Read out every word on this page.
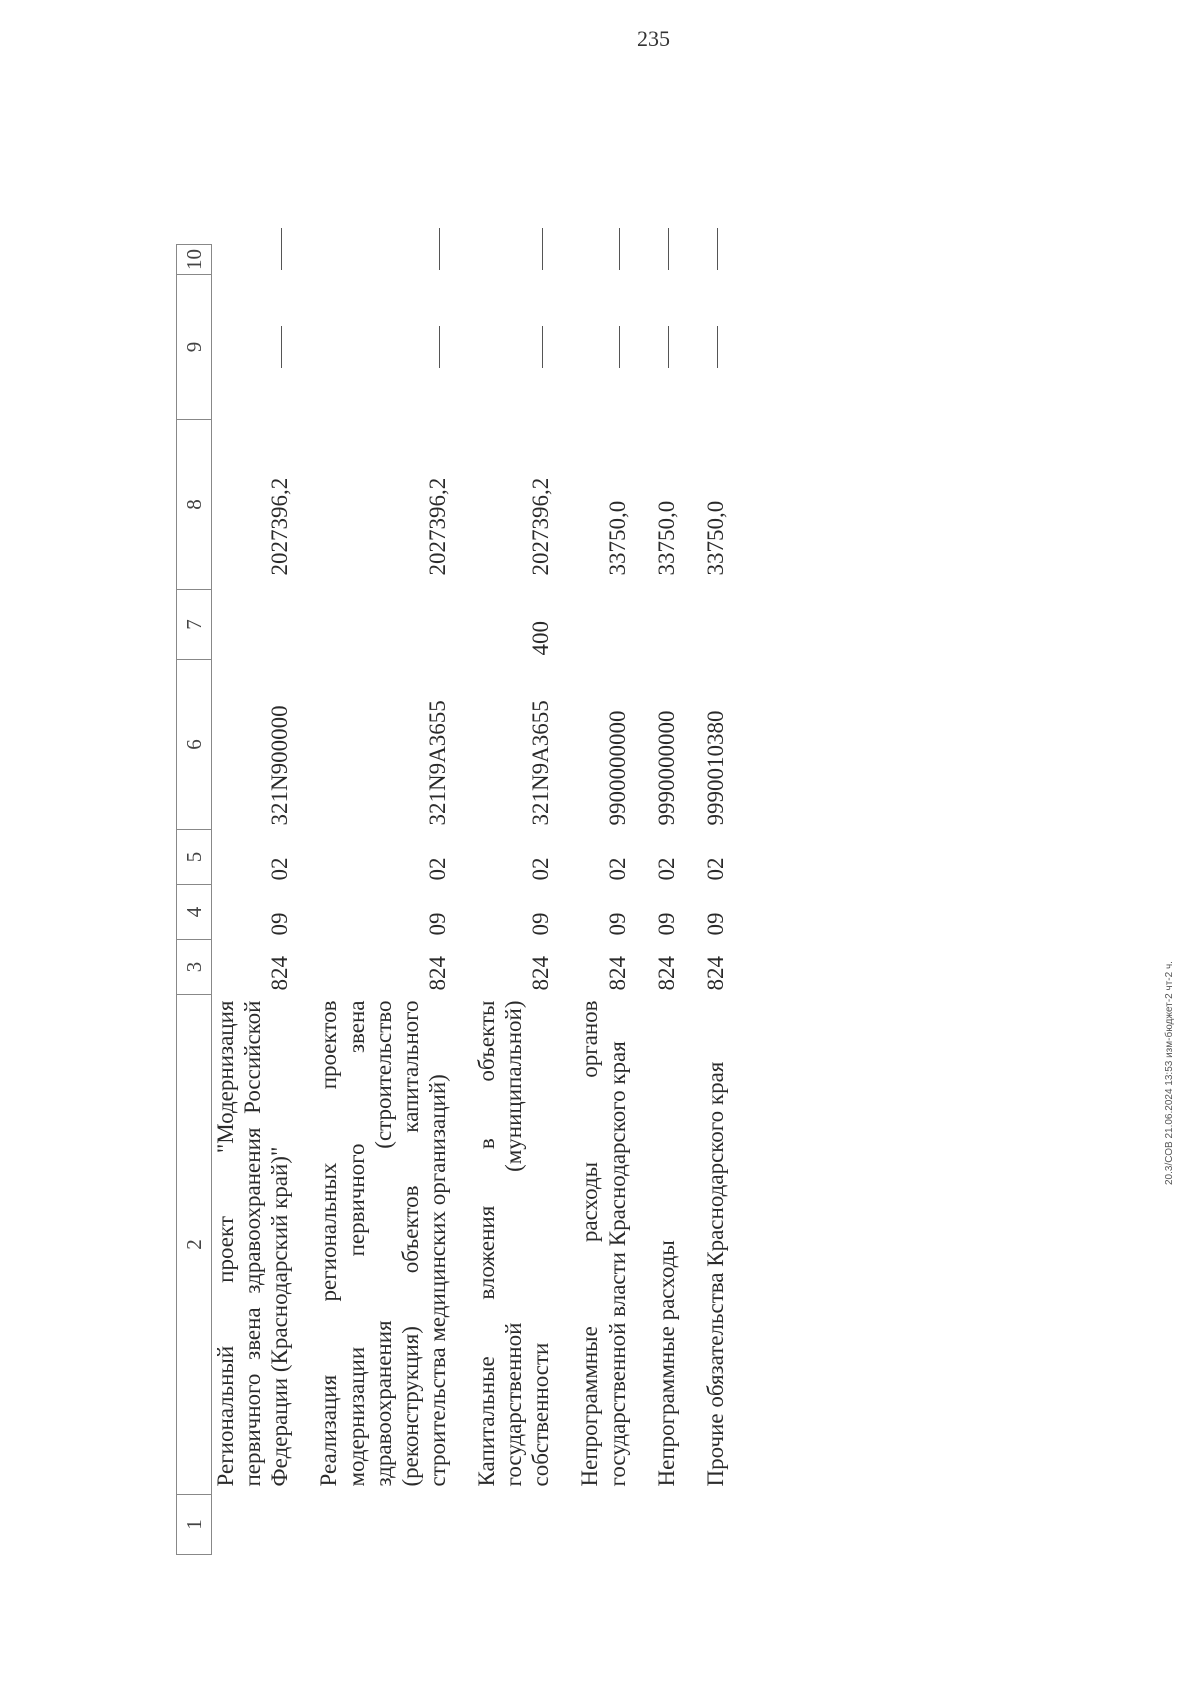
235
1	2	3	4	5	6	7	8	9	10
	Региональный проект "Модернизация первичного звена здравоохранения Российской Федерации (Краснодарский край)"	824	09	02	321N900000		2027396,2		

	Реализация региональных проектов модернизации первичного звена здравоохранения (строительство (реконструкция) объектов капитального строительства медицинских организаций)	824	09	02	321N9A3655		2027396,2		

	Капитальные вложения в объекты государственной (муниципальной) собственности	824	09	02	321N9A3655	400	2027396,2		

	Непрограммные расходы органов государственной власти Краснодарского края	824	09	02	9900000000		33750,0		

	Непрограммные расходы	824	09	02	9990000000		33750,0		

	Прочие обязательства Краснодарского края	824	09	02	9990010380		33750,0		
20.3/СОВ 21.06.2024 13:53 изм-бюджет-2 чт-2 ч.
